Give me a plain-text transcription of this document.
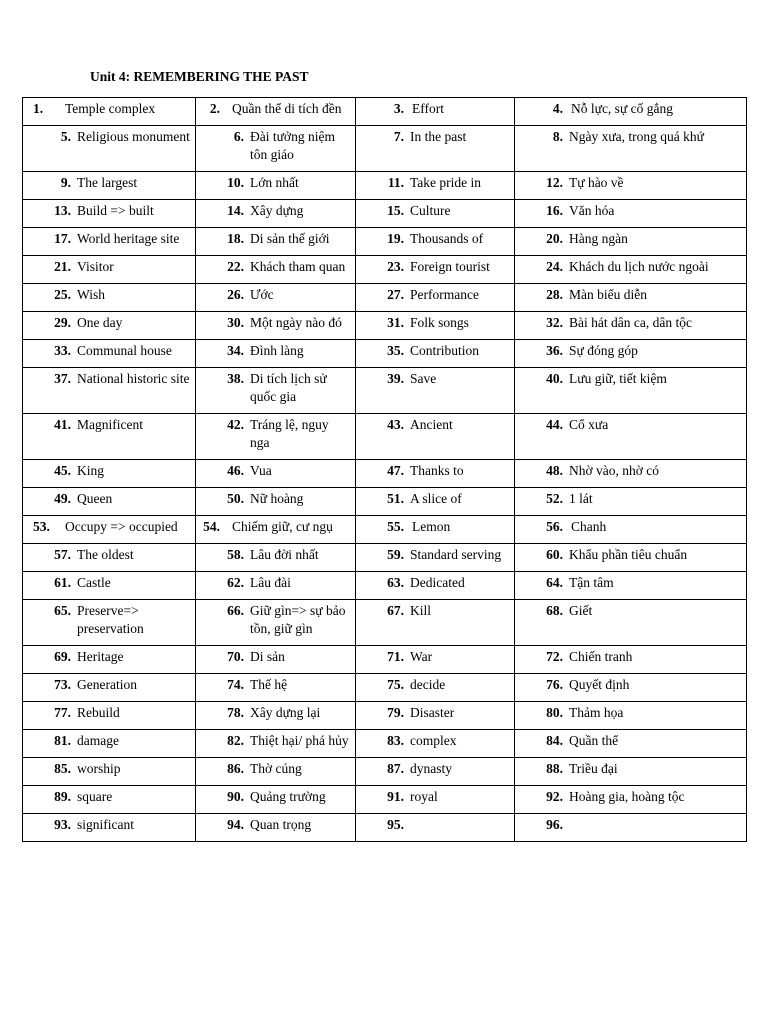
Unit 4: REMEMBERING THE PAST
1. Temple complex	2. Quần thể di tích đền	3. Effort	4. Nỗ lực, sự cố gắng

5. Religious monument	6. Đài tưởng niệm tôn giáo	7. In the past	8. Ngày xưa, trong quá khứ

9. The largest	10. Lớn nhất	11. Take pride in	12. Tự hào về

13. Build => built	14. Xây dựng	15. Culture	16. Văn hóa

17. World heritage site	18. Di sản thế giới	19. Thousands of	20. Hàng ngàn

21. Visitor	22. Khách tham quan	23. Foreign tourist	24. Khách du lịch nước ngoài

25. Wish	26. Ước	27. Performance	28. Màn biểu diễn

29. One day	30. Một ngày nào đó	31. Folk songs	32. Bài hát dân ca, dân tộc

33. Communal house	34. Đình làng	35. Contribution	36. Sự đóng góp

37. National historic site	38. Di tích lịch sử quốc gia	39. Save	40. Lưu giữ, tiết kiệm

41. Magnificent	42. Tráng lệ, nguy nga	43. Ancient	44. Cổ xưa

45. King	46. Vua	47. Thanks to	48. Nhờ vào, nhờ có

49. Queen	50. Nữ hoàng	51. A slice of	52. 1 lát

53. Occupy => occupied	54. Chiếm giữ, cư ngụ	55. Lemon	56. Chanh

57. The oldest	58. Lâu đời nhất	59. Standard serving	60. Khẩu phần tiêu chuẩn

61. Castle	62. Lâu đài	63. Dedicated	64. Tận tâm

65. Preserve=> preservation	66. Giữ gìn=> sự bảo tồn, giữ gìn	67. Kill	68. Giết

69. Heritage	70. Di sản	71. War	72. Chiến tranh

73. Generation	74. Thế hệ	75. decide	76. Quyết định

77. Rebuild	78. Xây dựng lại	79. Disaster	80. Thảm họa

81. damage	82. Thiệt hại/ phá hủy	83. complex	84. Quần thể

85. worship	86. Thờ cúng	87. dynasty	88. Triều đại

89. square	90. Quảng trường	91. royal	92. Hoàng gia, hoàng tộc

93. significant	94. Quan trọng	95.	96.
